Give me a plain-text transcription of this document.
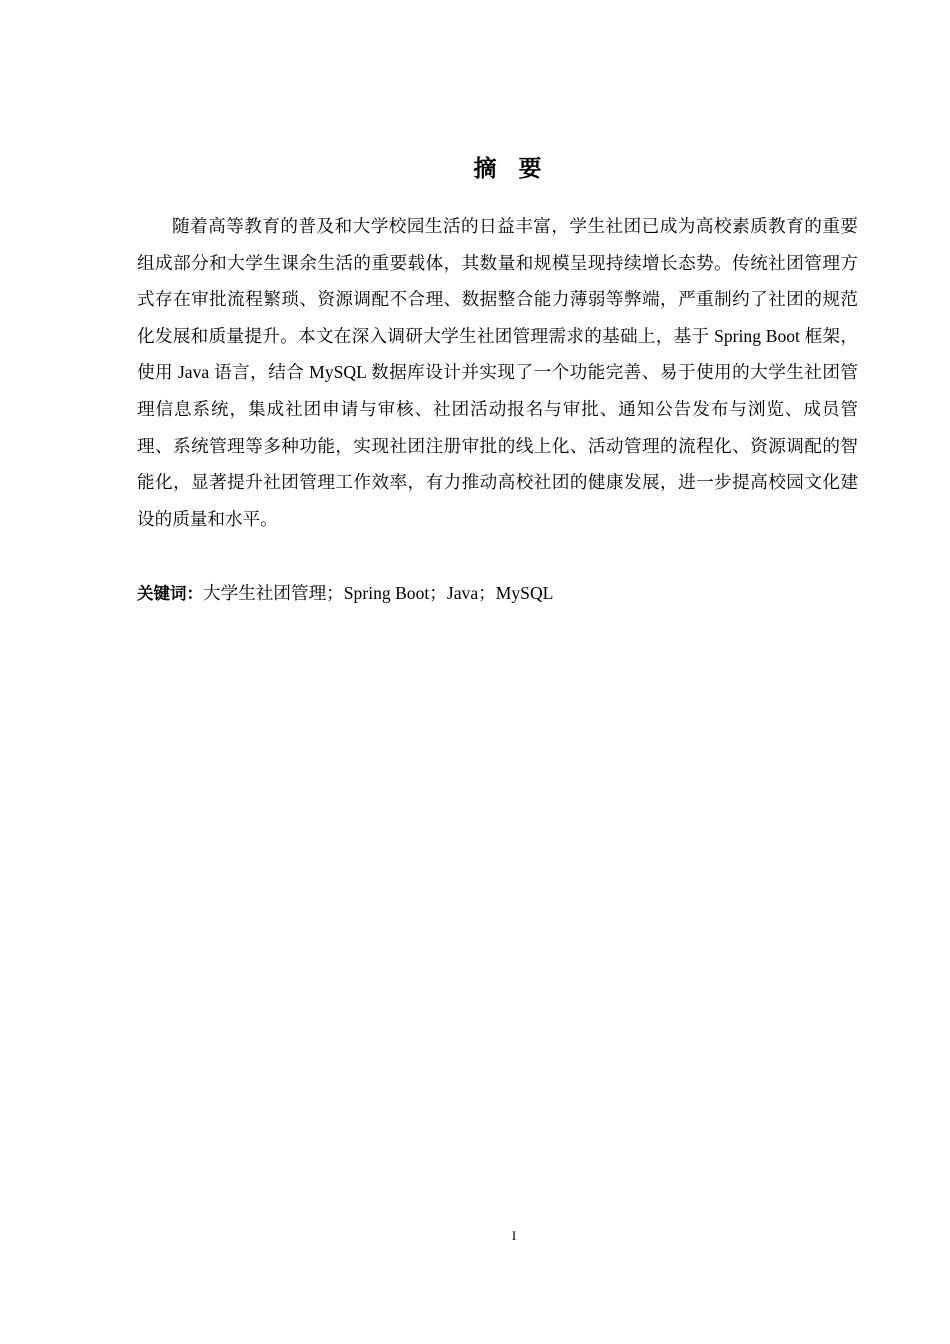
摘 要

随着高等教育的普及和大学校园生活的日益丰富，学生社团已成为高校素质教育的重要组成部分和大学生课余生活的重要载体，其数量和规模呈现持续增长态势。传统社团管理方式存在审批流程繁琐、资源调配不合理、数据整合能力薄弱等弊端，严重制约了社团的规范化发展和质量提升。本文在深入调研大学生社团管理需求的基础上，基于 Spring Boot 框架，使用 Java 语言，结合 MySQL 数据库设计并实现了一个功能完善、易于使用的大学生社团管理信息系统，集成社团申请与审核、社团活动报名与审批、通知公告发布与浏览、成员管理、系统管理等多种功能，实现社团注册审批的线上化、活动管理的流程化、资源调配的智能化，显著提升社团管理工作效率，有力推动高校社团的健康发展，进一步提高校园文化建设的质量和水平。

关键词：大学生社团管理；Spring Boot；Java；MySQL

I
